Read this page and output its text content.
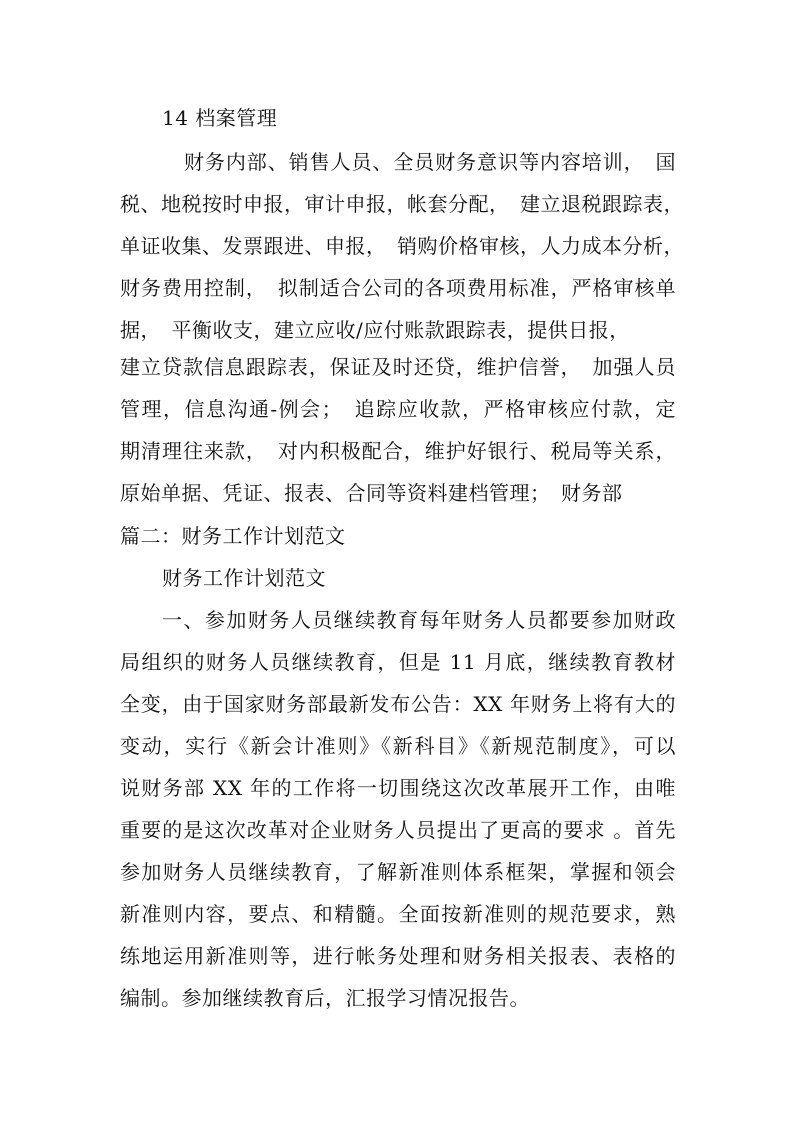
14 档案管理
财务内部、销售人员、全员财务意识等内容培训，　国
税、地税按时申报，审计申报，帐套分配，　建立退税跟踪表，
单证收集、发票跟进、申报，　销购价格审核，人力成本分析，
财务费用控制，　拟制适合公司的各项费用标准，严格审核单
据，　平衡收支，建立应收/应付账款跟踪表，提供日报，
建立贷款信息跟踪表，保证及时还贷，维护信誉，　加强人员
管理，信息沟通-例会；　追踪应收款，严格审核应付款，定
期清理往来款，　对内积极配合，维护好银行、税局等关系，
原始单据、凭证、报表、合同等资料建档管理；　财务部
篇二：财务工作计划范文
财务工作计划范文
一、参加财务人员继续教育每年财务人员都要参加财政
局组织的财务人员继续教育，但是 11 月底，继续教育教材
全变，由于国家财务部最新发布公告：XX 年财务上将有大的
变动，实行《新会计准则》《新科目》《新规范制度》，可以
说财务部 XX 年的工作将一切围绕这次改革展开工作，由唯
重要的是这次改革对企业财务人员提出了更高的要求 。首先
参加财务人员继续教育，了解新准则体系框架，掌握和领会
新准则内容，要点、和精髓。全面按新准则的规范要求，熟
练地运用新准则等，进行帐务处理和财务相关报表、表格的
编制。参加继续教育后，汇报学习情况报告。
